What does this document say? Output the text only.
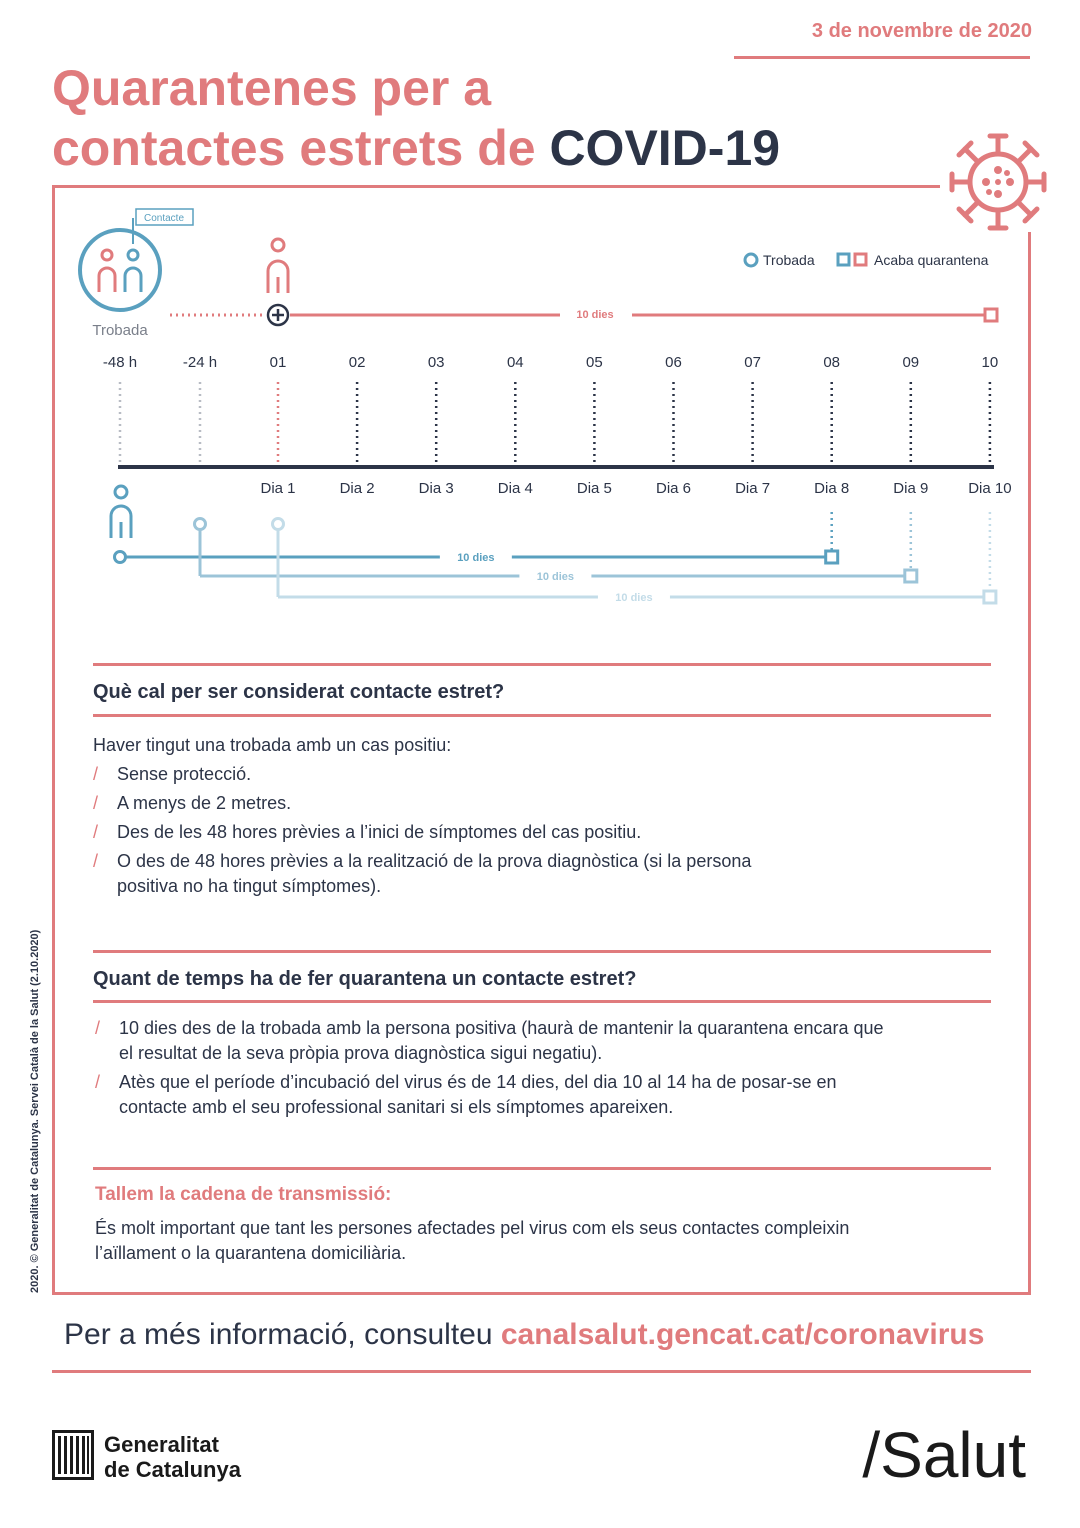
3 de novembre de 2020
Quarantenes per a
contactes estrets de COVID-19
2020. © Generalitat de Catalunya. Servei Català de la Salut (2.10.2020)
Contacte
Trobada
10 dies
Trobada	Acaba quarantena
-48 h	-24 h	01
Dia 1
02
Dia 2
03
Dia 3
04
Dia 4
05
Dia 5
06
Dia 6
07
Dia 7
08
Dia 8
09
Dia 9
10
Dia 10
10 dies
10 dies
10 dies
Què cal per ser considerat contacte estret?
Haver tingut una trobada amb un cas positiu:
/ Sense protecció.
/ A menys de 2 metres.
/ Des de les 48 hores prèvies a l’inici de símptomes del cas positiu.
/ O des de 48 hores prèvies a la realització de la prova diagnòstica (si la persona positiva no ha tingut símptomes).
Quant de temps ha de fer quarantena un contacte estret?
/ 10 dies des de la trobada amb la persona positiva (haurà de mantenir la quarantena encara que el resultat de la seva pròpia prova diagnòstica sigui negatiu).
/ Atès que el període d’incubació del virus és de 14 dies, del dia 10 al 14 ha de posar-se en contacte amb el seu professional sanitari si els símptomes apareixen.
Tallem la cadena de transmissió:
És molt important que tant les persones afectades pel virus com els seus contactes compleixin l’aïllament o la quarantena domiciliària.
Per a més informació, consulteu canalsalut.gencat.cat/coronavirus
Generalitat
de Catalunya	/Salut
